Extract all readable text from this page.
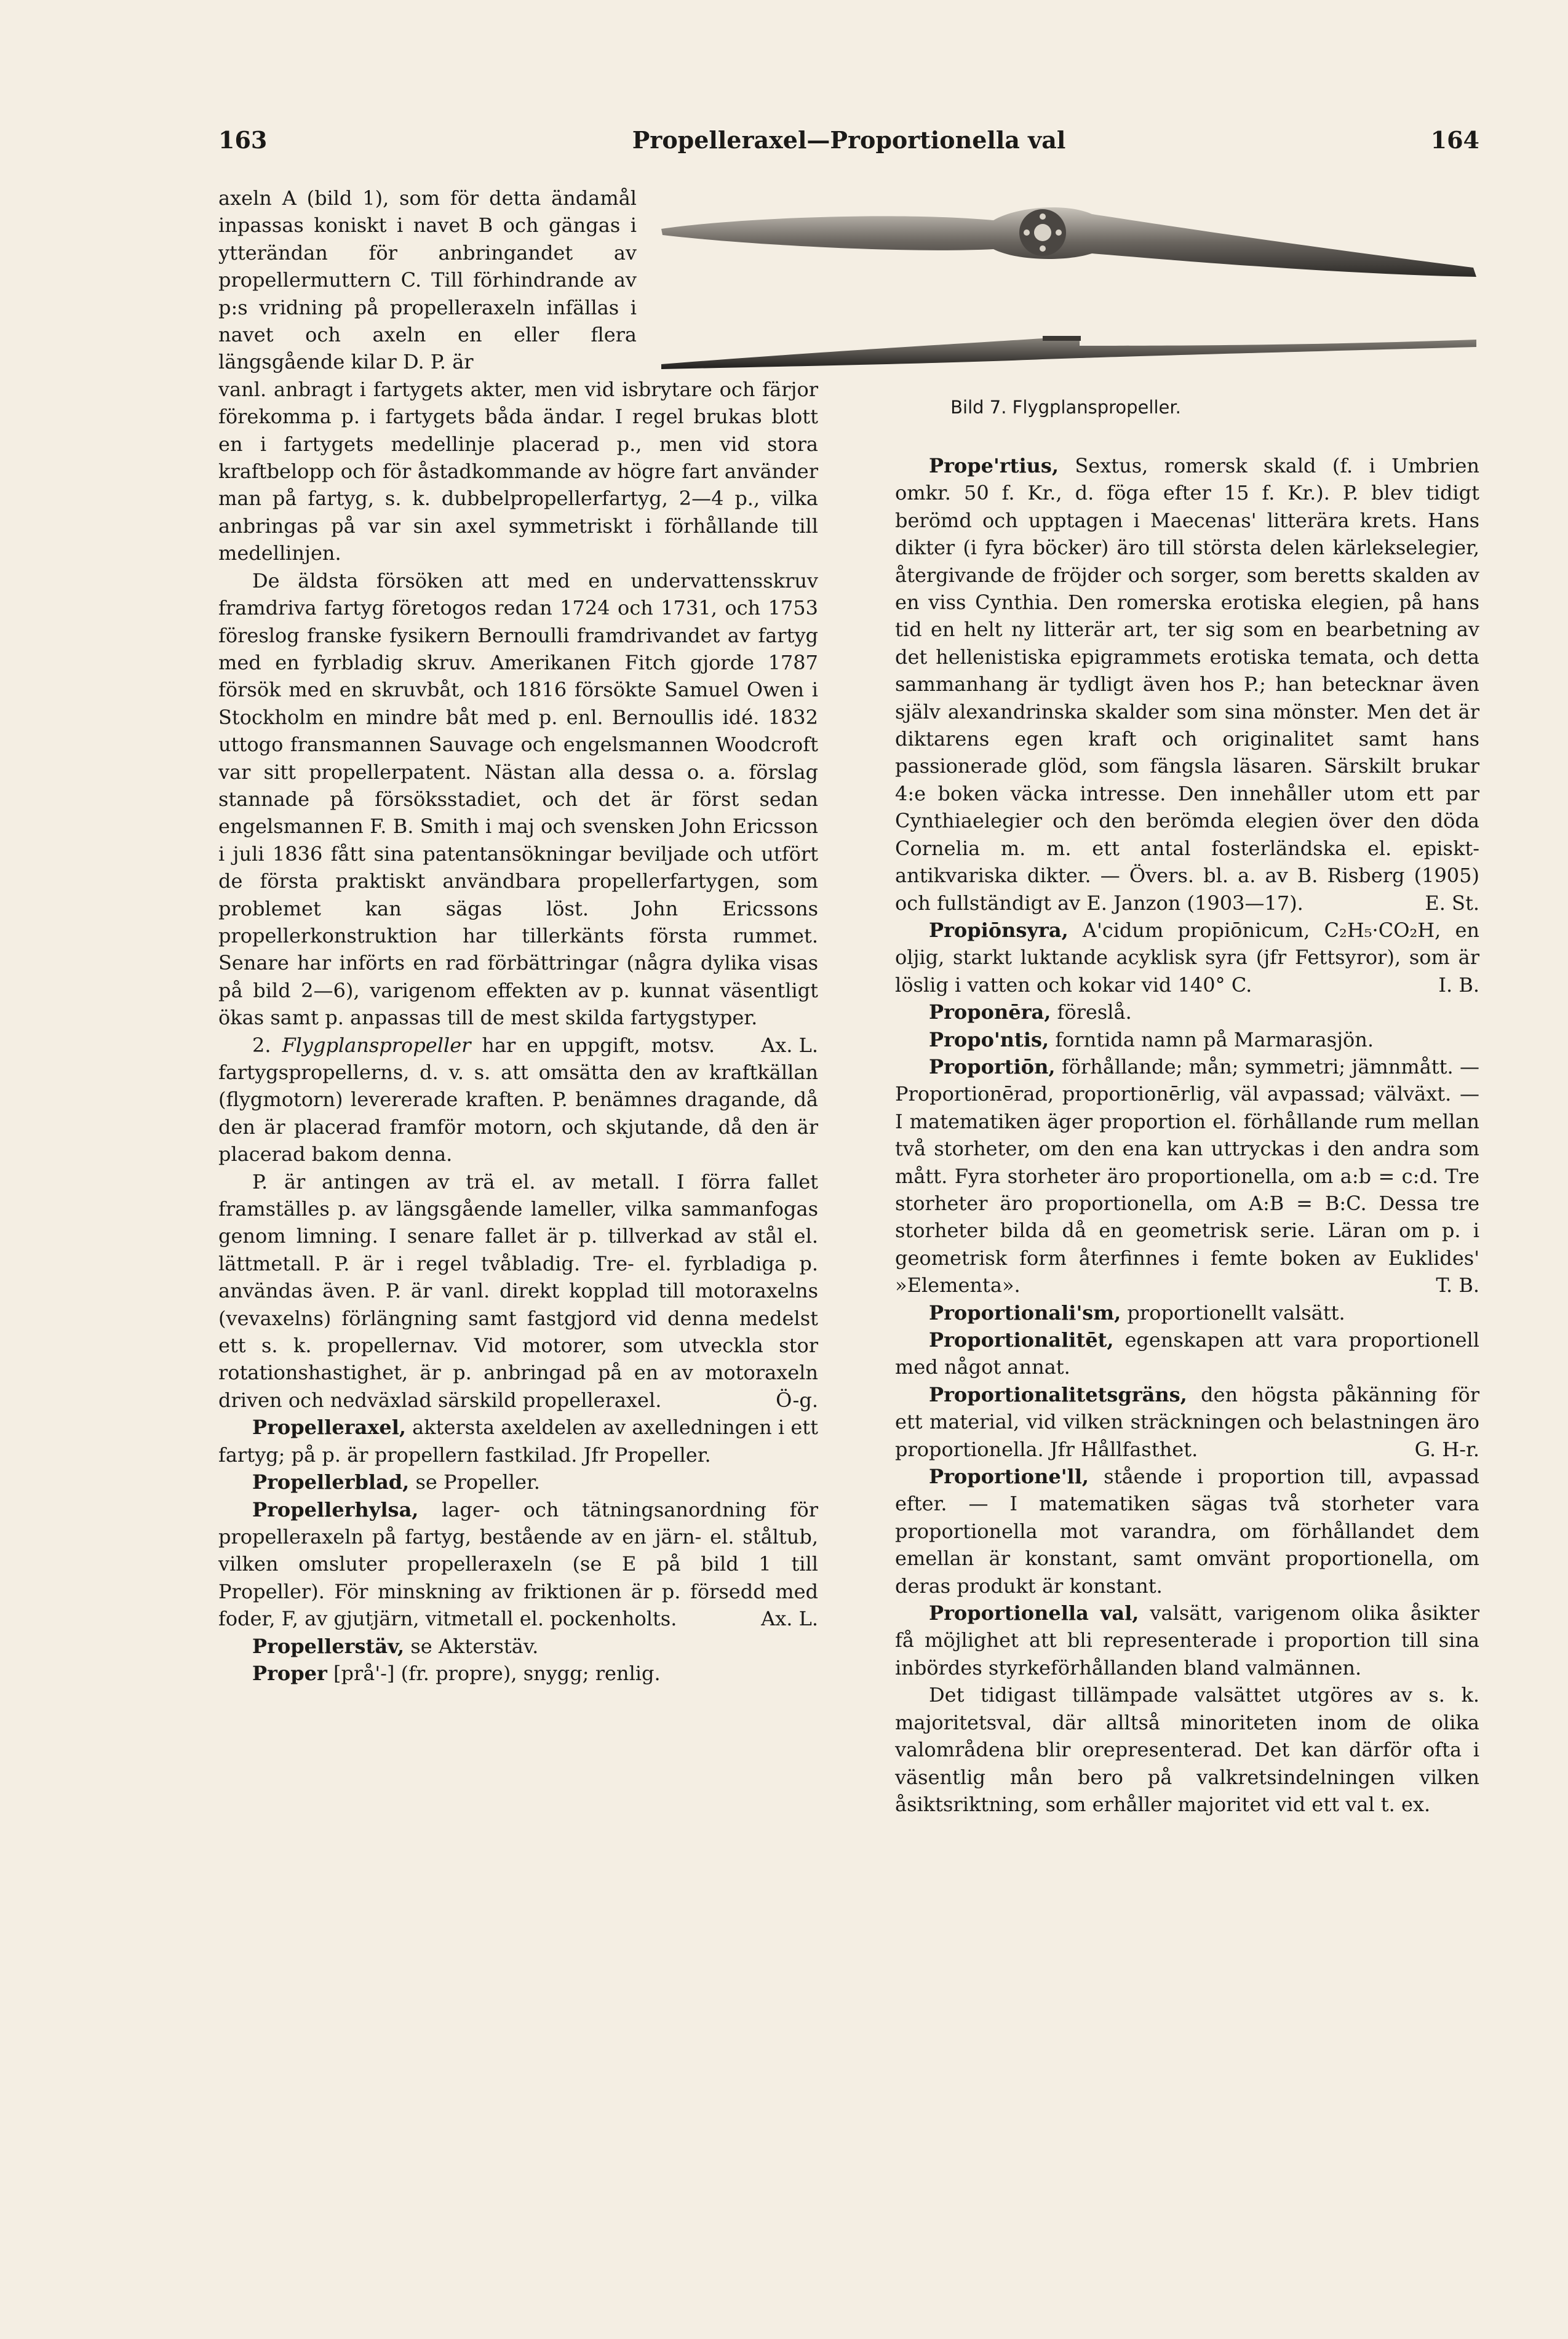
163	Propelleraxel—Proportionella val	164
Bild 7. Flygplanspropeller.

axeln A (bild 1), som för detta ändamål inpassas koniskt i navet B och gängas i ytterändan för anbringandet av propellermuttern C. Till förhindrande av p:s vridning på propelleraxeln infällas i navet och axeln en eller flera längsgående kilar D. P. är

vanl. anbragt i fartygets akter, men vid isbrytare och färjor förekomma p. i fartygets båda ändar. I regel brukas blott en i fartygets medellinje placerad p., men vid stora kraftbelopp och för åstadkommande av högre fart använder man på fartyg, s. k. dubbelpropellerfartyg, 2—4 p., vilka anbringas på var sin axel symmetriskt i förhållande till medellinjen.

De äldsta försöken att med en undervattensskruv framdriva fartyg företogos redan 1724 och 1731, och 1753 föreslog franske fysikern Bernoulli framdrivandet av fartyg med en fyrbladig skruv. Amerikanen Fitch gjorde 1787 försök med en skruvbåt, och 1816 försökte Samuel Owen i Stockholm en mindre båt med p. enl. Bernoullis idé. 1832 uttogo fransmannen Sauvage och engelsmannen Woodcroft var sitt propellerpatent. Nästan alla dessa o. a. förslag stannade på försöksstadiet, och det är först sedan engelsmannen F. B. Smith i maj och svensken John Ericsson i juli 1836 fått sina patentansökningar beviljade och utfört de första praktiskt användbara propellerfartygen, som problemet kan sägas löst. John Ericssons propellerkonstruktion har tillerkänts första rummet. Senare har införts en rad förbättringar (några dylika visas på bild 2—6), varigenom effekten av p. kunnat väsentligt ökas samt p. anpassas till de mest skilda fartygstyper.
Ax. L.

2. Flygplanspropeller har en uppgift, motsv. fartygspropellerns, d. v. s. att omsätta den av kraftkällan (flygmotorn) levererade kraften. P. benämnes dragande, då den är placerad framför motorn, och skjutande, då den är placerad bakom denna.

P. är antingen av trä el. av metall. I förra fallet framställes p. av längsgående lameller, vilka sammanfogas genom limning. I senare fallet är p. tillverkad av stål el. lättmetall. P. är i regel tvåbladig. Tre- el. fyrbladiga p. användas även. P. är vanl. direkt kopplad till motoraxelns (vevaxelns) förlängning samt fastgjord vid denna medelst ett s. k. propellernav. Vid motorer, som utveckla stor rotationshastighet, är p. anbringad på en av motoraxeln driven och nedväxlad särskild propelleraxel.	Ö-g.

Propelleraxel, aktersta axeldelen av axelledningen i ett fartyg; på p. är propellern fastkilad. Jfr Propeller.

Propellerblad, se Propeller.

Propellerhylsa, lager- och tätningsanordning för propelleraxeln på fartyg, bestående av en järn- el. ståltub, vilken omsluter propelleraxeln (se E på bild 1 till Propeller). För minskning av friktionen är p. försedd med foder, F, av gjutjärn, vitmetall el. pockenholts.	Ax. L.

Propellerstäv, se Akterstäv.

Proper [prå'-] (fr. propre), snygg; renlig.

Prope'rtius, Sextus, romersk skald (f. i Umbrien omkr. 50 f. Kr., d. föga efter 15 f. Kr.). P. blev tidigt berömd och upptagen i Maecenas' litterära krets. Hans dikter (i fyra böcker) äro till största delen kärlekselegier, återgivande de fröjder och sorger, som beretts skalden av en viss Cynthia. Den romerska erotiska elegien, på hans tid en helt ny litterär art, ter sig som en bearbetning av det hellenistiska epigrammets erotiska temata, och detta sammanhang är tydligt även hos P.; han betecknar även själv alexandrinska skalder som sina mönster. Men det är diktarens egen kraft och originalitet samt hans passionerade glöd, som fängsla läsaren. Särskilt brukar 4:e boken väcka intresse. Den innehåller utom ett par Cynthiaelegier och den berömda elegien över den döda Cornelia m. m. ett antal fosterländska el. episkt-antikvariska dikter. — Övers. bl. a. av B. Risberg (1905) och fullständigt av E. Janzon (1903—17).	E. St.

Propiōnsyra, A'cidum propiōnicum, C₂H₅·CO₂H, en oljig, starkt luktande acyklisk syra (jfr Fettsyror), som är löslig i vatten och kokar vid 140° C.	I. B.

Proponēra, föreslå.

Propo'ntis, forntida namn på Marmarasjön.

Proportiōn, förhållande; mån; symmetri; jämnmått. — Proportionērad, proportionērlig, väl avpassad; välväxt. — I matematiken äger proportion el. förhållande rum mellan två storheter, om den ena kan uttryckas i den andra som mått. Fyra storheter äro proportionella, om a:b = c:d. Tre storheter äro proportionella, om A:B = B:C. Dessa tre storheter bilda då en geometrisk serie. Läran om p. i geometrisk form återfinnes i femte boken av Euklides' »Elementa».	T. B.

Proportionali'sm, proportionellt valsätt.

Proportionalitēt, egenskapen att vara proportionell med något annat.

Proportionalitetsgräns, den högsta påkänning för ett material, vid vilken sträckningen och belastningen äro proportionella. Jfr Hållfasthet.	G. H-r.

Proportione'll, stående i proportion till, avpassad efter. — I matematiken sägas två storheter vara proportionella mot varandra, om förhållandet dem emellan är konstant, samt omvänt proportionella, om deras produkt är konstant.

Proportionella val, valsätt, varigenom olika åsikter få möjlighet att bli representerade i proportion till sina inbördes styrkeförhållanden bland valmännen.

Det tidigast tillämpade valsättet utgöres av s. k. majoritetsval, där alltså minoriteten inom de olika valområdena blir orepresenterad. Det kan därför ofta i väsentlig mån bero på valkretsindelningen vilken åsiktsriktning, som erhåller majoritet vid ett val t. ex.
